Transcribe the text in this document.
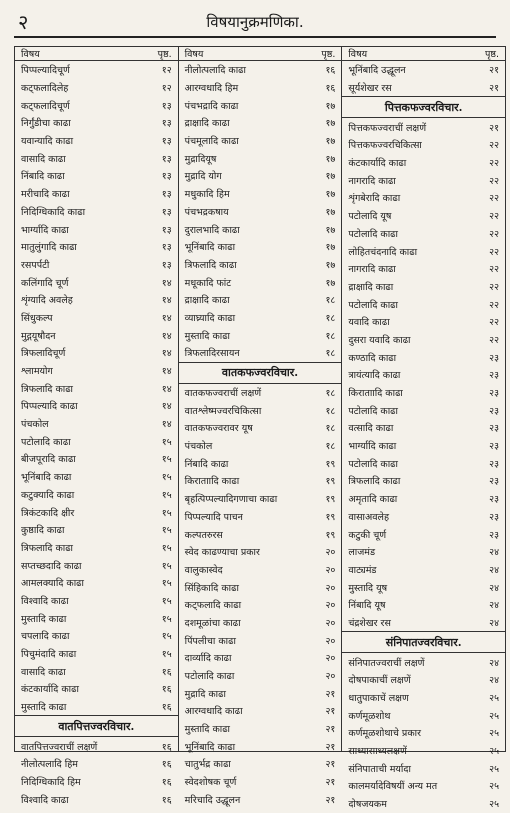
२	विषयानुक्रमणिका.
विषय	पृष्ठ.
पिप्पल्यादिचूर्ण	१२
कट्फलादिलेह	१२
कट्फलादिचूर्ण	१३
निर्गुंडीचा काढा	१३
यवान्यादि काढा	१३
वासादि काढा	१३
निंबादि काढा	१३
मरीचादि काढा	१३
निदिग्धिकादि काढा	१३
भार्ग्यादि काढा	१३
मातुलुंगादि काढा	१३
रसपर्पटी	१३
कलिंगादि चूर्ण	१४
शृंग्यादि अवलेह	१४
सिंधुकल्प	१४
मुद्गयूषौदन	१४
त्रिफलादिचूर्ण	१४
श्लामयोग	१४
त्रिफलादि काढा	१४
पिप्पल्यादि काढा	१४
पंचकोल	१४
पटोलादि काढा	१५
बीजपूरादि काढा	१५
भूनिंबादि काढा	१५
कटुक्यादि काढा	१५
त्रिकंटकादि क्षीर	१५
कुष्ठादि काढा	१५
त्रिफलादि काढा	१५
सप्तच्छदादि काढा	१५
आमलक्यादि काढा	१५
विश्वादि काढा	१५
मुस्तादि काढा	१५
चपलादि काढा	१५
पिचुमंदादि काढा	१५
वासादि काढा	१६
कंटकार्यादि काढा	१६
मुस्तादि काढा	१६
वातपित्तज्वरविचार.
वातपित्तज्वराचीं लक्षणें	१६
नीलोत्पलादि हिम	१६
निदिग्धिकादि हिम	१६
विश्वादि काढा	१६
विषय	पृष्ठ.
नीलोत्पलादि काढा	१६
आरग्वधादि हिम	१६
पंचभद्रादि काढा	१७
द्राक्षादि काढा	१७
पंचमूलादि काढा	१७
मुद्रादियूष	१७
मुद्रादि योग	१७
मधुकादि हिम	१७
पंचभद्रकषाय	१७
दुरालभादि काढा	१७
भूनिंबादि काढा	१७
त्रिफलादि काढा	१७
मधूकादि फांट	१७
द्राक्षादि काढा	१८
व्याघ्र्यादि काढा	१८
मुस्तादि काढा	१८
त्रिफलादिरसायन	१८
वातकफज्वरविचार.
वातकफज्वराचीं लक्षणें	१८
वातश्लेष्मज्वरचिकित्सा	१८
वातकफज्वरावर यूष	१८
पंचकोल	१८
निंबादि काढा	१९
किराताादि काढा	१९
बृहत्पिप्पल्यादिगणाचा काढा	१९
पिप्पल्यादि पाचन	१९
कल्पतरुरस	१९
स्वेद काढण्याचा प्रकार	२०
वालुकास्वेद	२०
सिंहिकादि काढा	२०
कट्फलादि काढा	२०
दशमूळांचा काढा	२०
पिंपलीचा काढा	२०
दार्व्यादि काढा	२०
पटोलादि काढा	२०
मुद्रादि काढा	२१
आरग्वधादि काढा	२१
मुस्तादि काढा	२१
भूनिंबादि काढा	२१
चातुर्भद्र काढा	२१
स्वेदशोषक चूर्ण	२१
मरिचादि उद्धूलन	२१
विषय	पृष्ठ.
भूनिंबादि उद्धूलन	२१
सूर्यशेखर रस	२१
पित्तकफज्वरविचार.
पित्तकफज्वराचीं लक्षणें	२१
पित्तकफज्वरचिकित्सा	२२
कंटकार्यादि काढा	२२
नागरादि काढा	२२
शृंगबेरादि काढा	२२
पटोलादि यूष	२२
पटोलादि काढा	२२
लोहितचंदनादि काढा	२२
नागरादि काढा	२२
द्राक्षादि काढा	२२
पटोलादि काढा	२२
यवादि काढा	२२
दुसरा यवादि काढा	२२
कण्ठादि काढा	२३
त्रायंत्यादि काढा	२३
किराताादि काढा	२३
पटोलादि काढा	२३
वत्सादि काढा	२३
भार्ग्यादि काढा	२३
पटोलादि काढा	२३
त्रिफलादि काढा	२३
अमृतादि काढा	२३
वासाअवलेह	२३
कटुकी चूर्ण	२३
लाजमंड	२४
वाट्यमंड	२४
मुस्तादि यूष	२४
निंबादि यूष	२४
चंद्रशेखर रस	२४
संनिपातज्वरविचार.
संनिपातज्वराचीं लक्षणें	२४
दोषपाकाचीं लक्षणें	२४
धातुपाकाचें लक्षण	२५
कर्णमूळशोथ	२५
कर्णमूळशोथाचे प्रकार	२५
साध्यासाध्यलक्षणें	२५
संनिपाताची मर्यादा	२५
कालमर्यादेविषयीं अन्य मत	२५
दोषजयकम	२५
